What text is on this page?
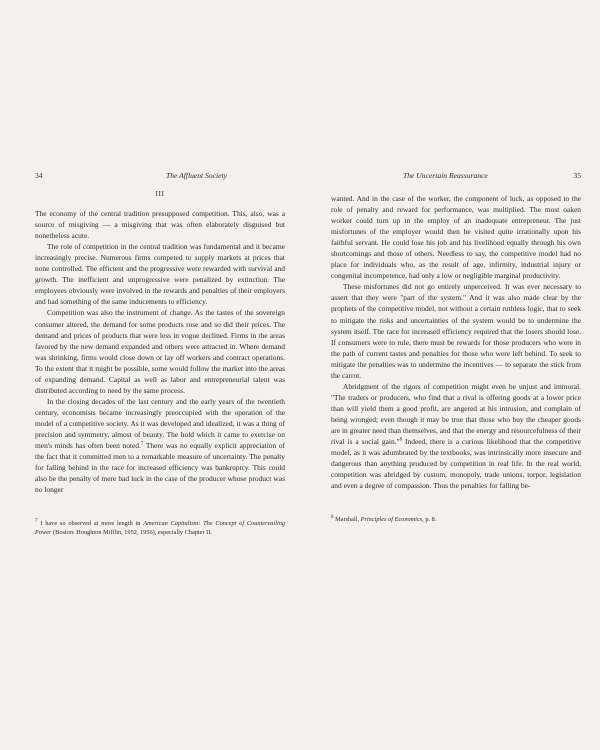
34	The Affluent Society
III

The economy of the central tradition presupposed competition. This, also, was a source of misgiving — a misgiving that was often elaborately disguised but nonetheless acute.

The role of competition in the central tradition was fundamental and it became increasingly precise. Numerous firms competed to supply markets at prices that none controlled. The efficient and the progressive were rewarded with survival and growth. The inefficient and unprogressive were penalized by extinction. The employees obviously were involved in the rewards and penalties of their employers and had something of the same inducements to efficiency.

Competition was also the instrument of change. As the tastes of the sovereign consumer altered, the demand for some products rose and so did their prices. The demand and prices of products that were less in vogue declined. Firms in the areas favored by the new demand expanded and others were attracted in. Where demand was shrinking, firms would close down or lay off workers and contract operations. To the extent that it might be possible, some would follow the market into the areas of expanding demand. Capital as well as labor and entrepreneurial talent was distributed according to need by the same process.

In the closing decades of the last century and the early years of the twentieth century, economists became increasingly preoccupied with the operation of the model of a competitive society. As it was developed and idealized, it was a thing of precision and symmetry, almost of beauty. The hold which it came to exercise on men's minds has often been noted.$^7$ There was no equally explicit appreciation of the fact that it committed men to a remarkable measure of uncertainty. The penalty for falling behind in the race for increased efficiency was bankruptcy. This could also be the penalty of mere bad luck in the case of the producer whose product was no longer

$^7$ I have so observed at more length in American Capitalism: The Concept of Countervailing Power (Boston: Houghton Mifflin, 1952, 1956), especially Chapter II.
The Uncertain Reassurance	35

wanted. And in the case of the worker, the component of luck, as opposed to the role of penalty and reward for performance, was multiplied. The most oaken worker could turn up in the employ of an inadequate entrepreneur. The just misfortunes of the employer would then be visited quite irrationally upon his faithful servant. He could lose his job and his livelihood equally through his own shortcomings and those of others. Needless to say, the competitive model had no place for individuals who, as the result of age, infirmity, industrial injury or congenital incompetence, had only a low or negligible marginal productivity.

These misfortunes did not go entirely unperceived. It was ever necessary to assert that they were "part of the system." And it was also made clear by the prophets of the competitive model, not without a certain ruthless logic, that to seek to mitigate the risks and uncertainties of the system would be to undermine the system itself. The race for increased efficiency required that the losers should lose. If consumers were to rule, there must be rewards for those producers who were in the path of current tastes and penalties for those who were left behind. To seek to mitigate the penalties was to undermine the incentives — to separate the stick from the carrot.

Abridgment of the rigors of competition might even be unjust and immoral. "The traders or producers, who find that a rival is offering goods at a lower price than will yield them a good profit, are angered at his intrusion, and complain of being wronged; even though it may be true that those who buy the cheaper goods are in greater need than themselves, and that the energy and resourcefulness of their rival is a social gain."$^8$ Indeed, there is a curious likelihood that the competitive model, as it was adumbrated by the textbooks, was intrinsically more insecure and dangerous than anything produced by competition in real life. In the real world, competition was abridged by custom, monopoly, trade unions, torpor, legislation and even a degree of compassion. Thus the penalties for falling be-

$^8$ Marshall, Principles of Economics, p. 8.
